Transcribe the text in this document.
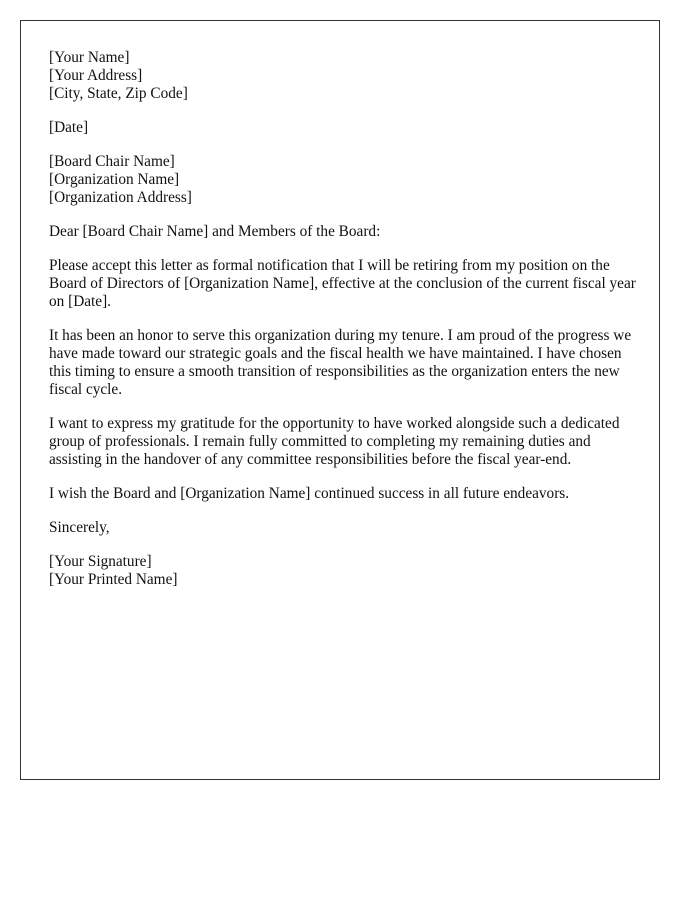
[Your Name]
[Your Address]
[City, State, Zip Code]
[Date]
[Board Chair Name]
[Organization Name]
[Organization Address]

Dear [Board Chair Name] and Members of the Board:

Please accept this letter as formal notification that I will be retiring from my position on the Board of Directors of [Organization Name], effective at the conclusion of the current fiscal year on [Date].

It has been an honor to serve this organization during my tenure. I am proud of the progress we have made toward our strategic goals and the fiscal health we have maintained. I have chosen this timing to ensure a smooth transition of responsibilities as the organization enters the new fiscal cycle.

I want to express my gratitude for the opportunity to have worked alongside such a dedicated group of professionals. I remain fully committed to completing my remaining duties and assisting in the handover of any committee responsibilities before the fiscal year-end.

I wish the Board and [Organization Name] continued success in all future endeavors.

Sincerely,

[Your Signature]
[Your Printed Name]
